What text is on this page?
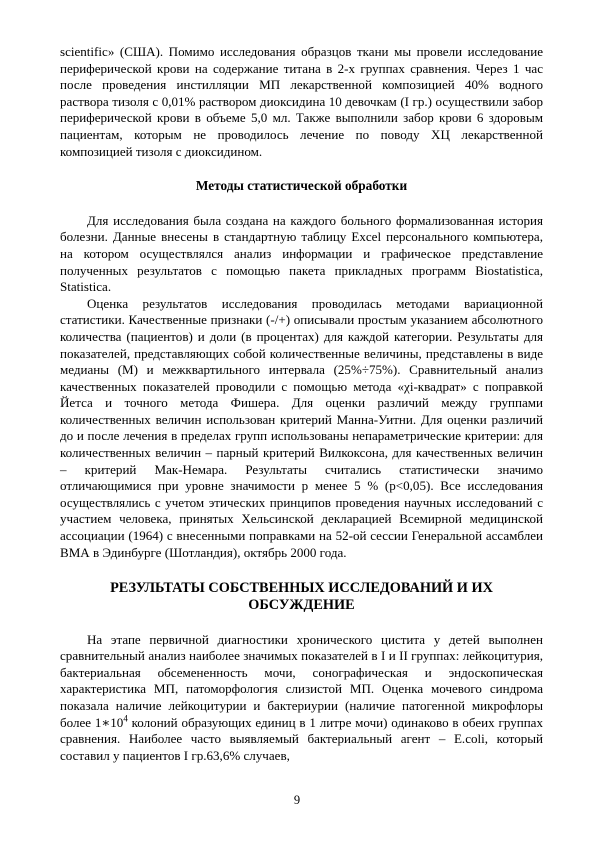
scientific» (США). Помимо исследования образцов ткани мы провели исследование периферической крови на содержание титана в 2-х группах сравнения. Через 1 час после проведения инстилляции МП лекарственной композицией 40% водного раствора тизоля с 0,01% раствором диоксидина 10 девочкам (I гр.) осуществили забор периферической крови в объеме 5,0 мл. Также выполнили забор крови 6 здоровым пациентам, которым не проводилось лечение по поводу ХЦ лекарственной композицией тизоля с диоксидином.

Методы статистической обработки

Для исследования была создана на каждого больного формализованная история болезни. Данные внесены в стандартную таблицу Excel персонального компьютера, на котором осуществлялся анализ информации и графическое представление полученных результатов с помощью пакета прикладных программ Biostatistica, Statistica.

Оценка результатов исследования проводилась методами вариационной статистики. Качественные признаки (-/+) описывали простым указанием абсолютного количества (пациентов) и доли (в процентах) для каждой категории. Результаты для показателей, представляющих собой количественные величины, представлены в виде медианы (М) и межквартильного интервала (25%÷75%). Сравнительный анализ качественных показателей проводили с помощью метода «χi-квадрат» с поправкой Йетса и точного метода Фишера. Для оценки различий между группами количественных величин использован критерий Манна-Уитни. Для оценки различий до и после лечения в пределах групп использованы непараметрические критерии: для количественных величин – парный критерий Вилкоксона, для качественных величин – критерий Мак-Немара. Результаты считались статистически значимо отличающимися при уровне значимости р менее 5 % (р<0,05). Все исследования осуществлялись с учетом этических принципов проведения научных исследований с участием человека, принятых Хельсинской декларацией Всемирной медицинской ассоциации (1964) с внесенными поправками на 52-ой сессии Генеральной ассамблеи ВМА в Эдинбурге (Шотландия), октябрь 2000 года.

РЕЗУЛЬТАТЫ СОБСТВЕННЫХ ИССЛЕДОВАНИЙ И ИХ ОБСУЖДЕНИЕ

На этапе первичной диагностики хронического цистита у детей выполнен сравнительный анализ наиболее значимых показателей в I и II группах: лейкоцитурия, бактериальная обсемененность мочи, сонографическая и эндоскопическая характеристика МП, патоморфология слизистой МП. Оценка мочевого синдрома показала наличие лейкоцитурии и бактериурии (наличие патогенной микрофлоры более $1∗10^4$ колоний образующих единиц в 1 литре мочи) одинаково в обеих группах сравнения. Наиболее часто выявляемый бактериальный агент – E.coli, который составил у пациентов I гр.63,6% случаев,

9
